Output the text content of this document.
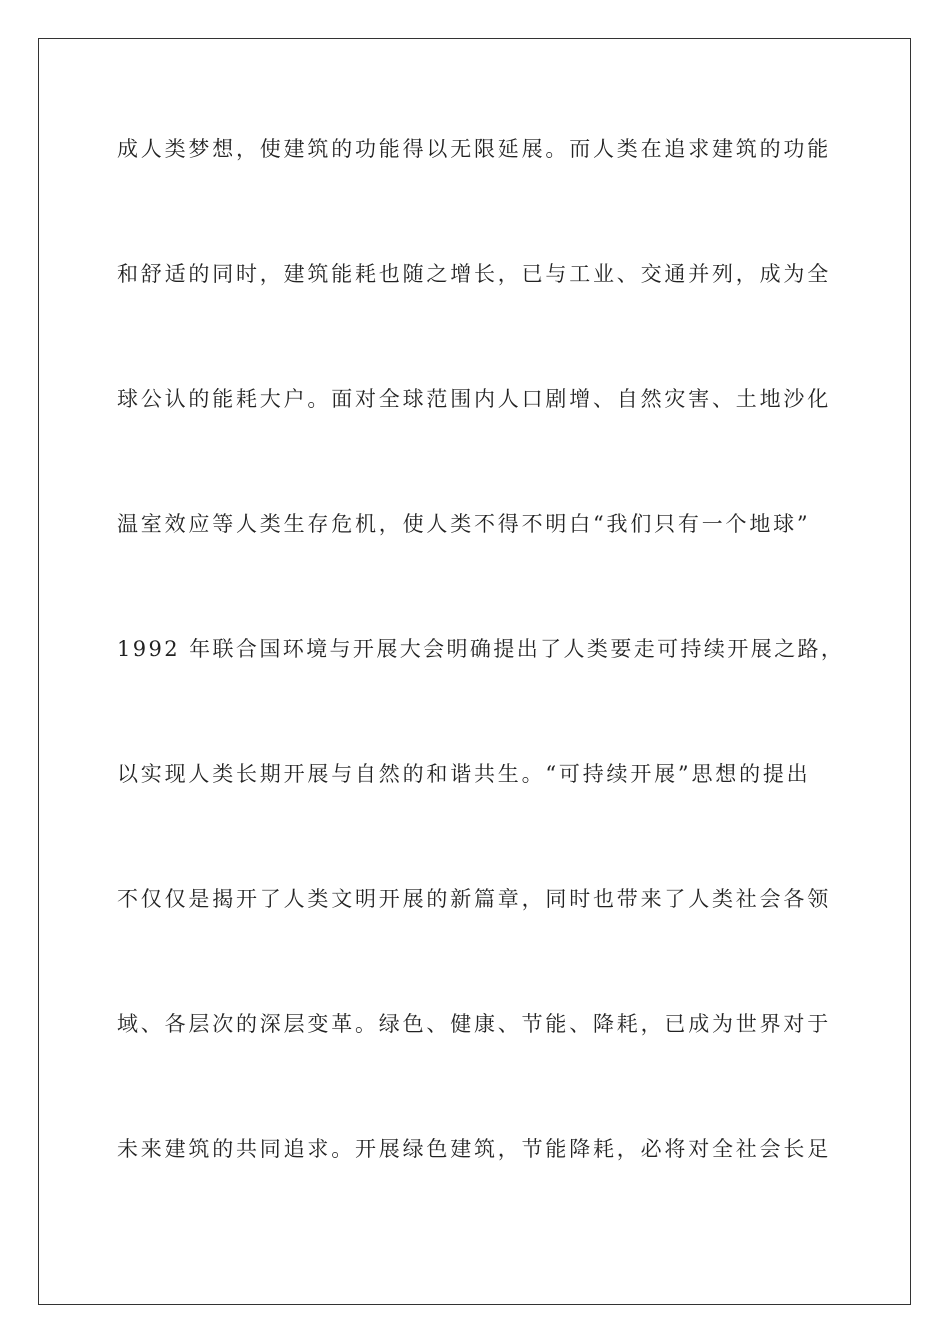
成人类梦想，使建筑的功能得以无限延展。而人类在追求建筑的功能
和舒适的同时，建筑能耗也随之增长，已与工业、交通并列，成为全
球公认的能耗大户。面对全球范围内人口剧增、自然灾害、土地沙化
温室效应等人类生存危机，使人类不得不明白“我们只有一个地球”
1992 年联合国环境与开展大会明确提出了人类要走可持续开展之路，
以实现人类长期开展与自然的和谐共生。“可持续开展”思想的提出
不仅仅是揭开了人类文明开展的新篇章，同时也带来了人类社会各领
域、各层次的深层变革。绿色、健康、节能、降耗，已成为世界对于
未来建筑的共同追求。开展绿色建筑，节能降耗，必将对全社会长足
